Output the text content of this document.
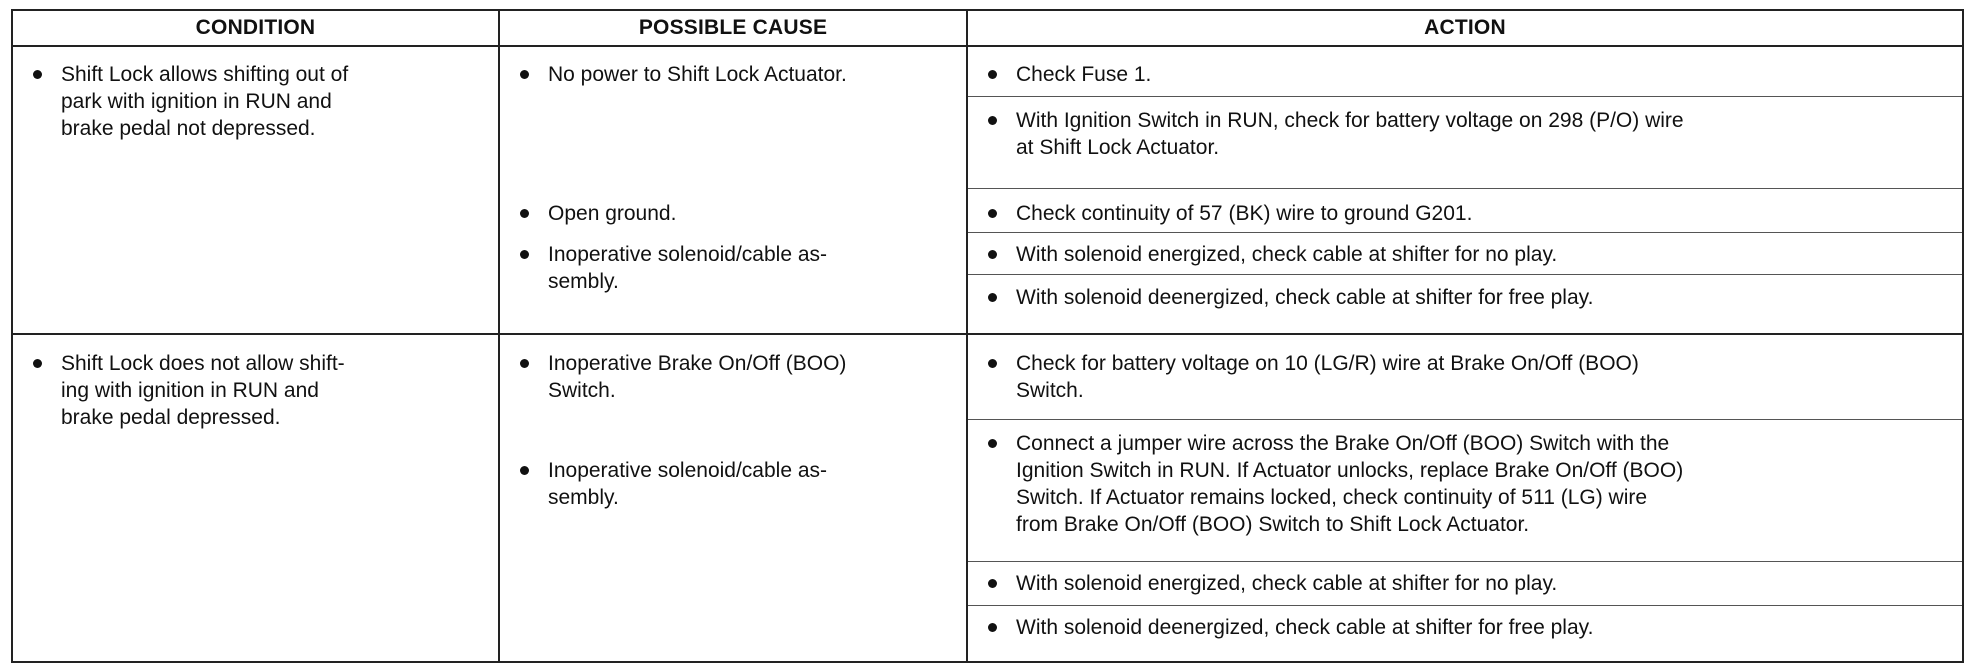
CONDITION	POSSIBLE CAUSE	ACTION
Shift Lock allows shifting out of
park with ignition in RUN and
brake pedal not depressed.
No power to Shift Lock Actuator.
Open ground.
Inoperative solenoid/cable as-
sembly.
Check Fuse 1.
With Ignition Switch in RUN, check for battery voltage on 298 (P/O) wire
at Shift Lock Actuator.
Check continuity of 57 (BK) wire to ground G201.
With solenoid energized, check cable at shifter for no play.
With solenoid deenergized, check cable at shifter for free play.
Shift Lock does not allow shift-
ing with ignition in RUN and
brake pedal depressed.
Inoperative Brake On/Off (BOO)
Switch.
Inoperative solenoid/cable as-
sembly.
Check for battery voltage on 10 (LG/R) wire at Brake On/Off (BOO)
Switch.
Connect a jumper wire across the Brake On/Off (BOO) Switch with the
Ignition Switch in RUN. If Actuator unlocks, replace Brake On/Off (BOO)
Switch. If Actuator remains locked, check continuity of 511 (LG) wire
from Brake On/Off (BOO) Switch to Shift Lock Actuator.
With solenoid energized, check cable at shifter for no play.
With solenoid deenergized, check cable at shifter for free play.
